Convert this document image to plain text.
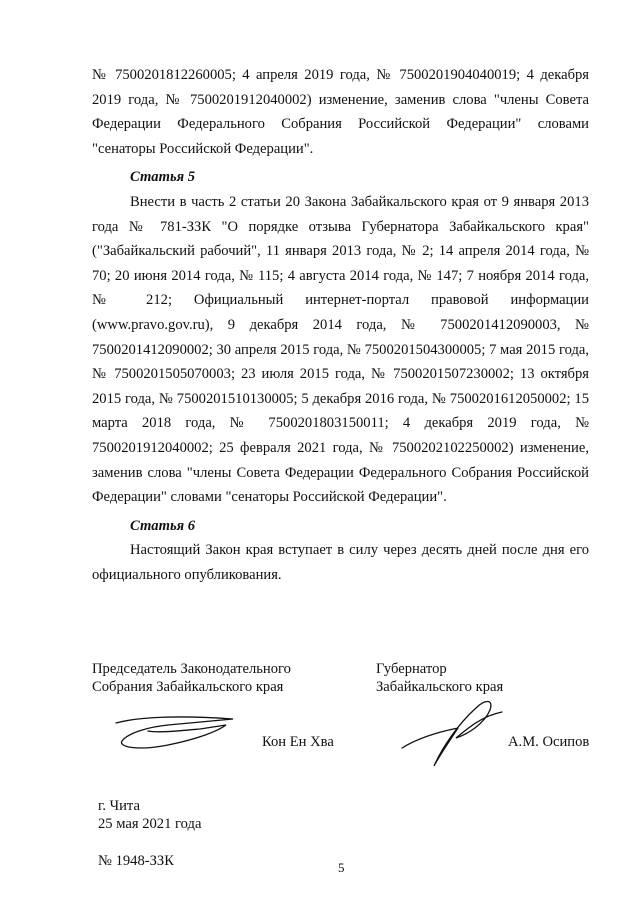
№ 7500201812260005; 4 апреля 2019 года, № 7500201904040019; 4 декабря 2019 года, № 7500201912040002) изменение, заменив слова "члены Совета Федерации Федерального Собрания Российской Федерации" словами "сенаторы Российской Федерации".

Статья 5

Внести в часть 2 статьи 20 Закона Забайкальского края от 9 января 2013 года № 781-ЗЗК "О порядке отзыва Губернатора Забайкальского края" ("Забайкальский рабочий", 11 января 2013 года, № 2; 14 апреля 2014 года, № 70; 20 июня 2014 года, № 115; 4 августа 2014 года, № 147; 7 ноября 2014 года, № 212; Официальный интернет-портал правовой информации (www.pravo.gov.ru), 9 декабря 2014 года, № 7500201412090003, № 7500201412090002; 30 апреля 2015 года, № 7500201504300005; 7 мая 2015 года, № 7500201505070003; 23 июля 2015 года, № 7500201507230002; 13 октября 2015 года, № 7500201510130005; 5 декабря 2016 года, № 7500201612050002; 15 марта 2018 года, № 7500201803150011; 4 декабря 2019 года, № 7500201912040002; 25 февраля 2021 года, № 7500202102250002) изменение, заменив слова "члены Совета Федерации Федерального Собрания Российской Федерации" словами "сенаторы Российской Федерации".

Статья 6

Настоящий Закон края вступает в силу через десять дней после дня его официального опубликования.

Председатель Законодательного
Собрания Забайкальского края
Губернатор
Забайкальского края
Кон Ен Хва	А.М. Осипов
г. Чита
25 мая 2021 года
№ 1948-ЗЗК	5
